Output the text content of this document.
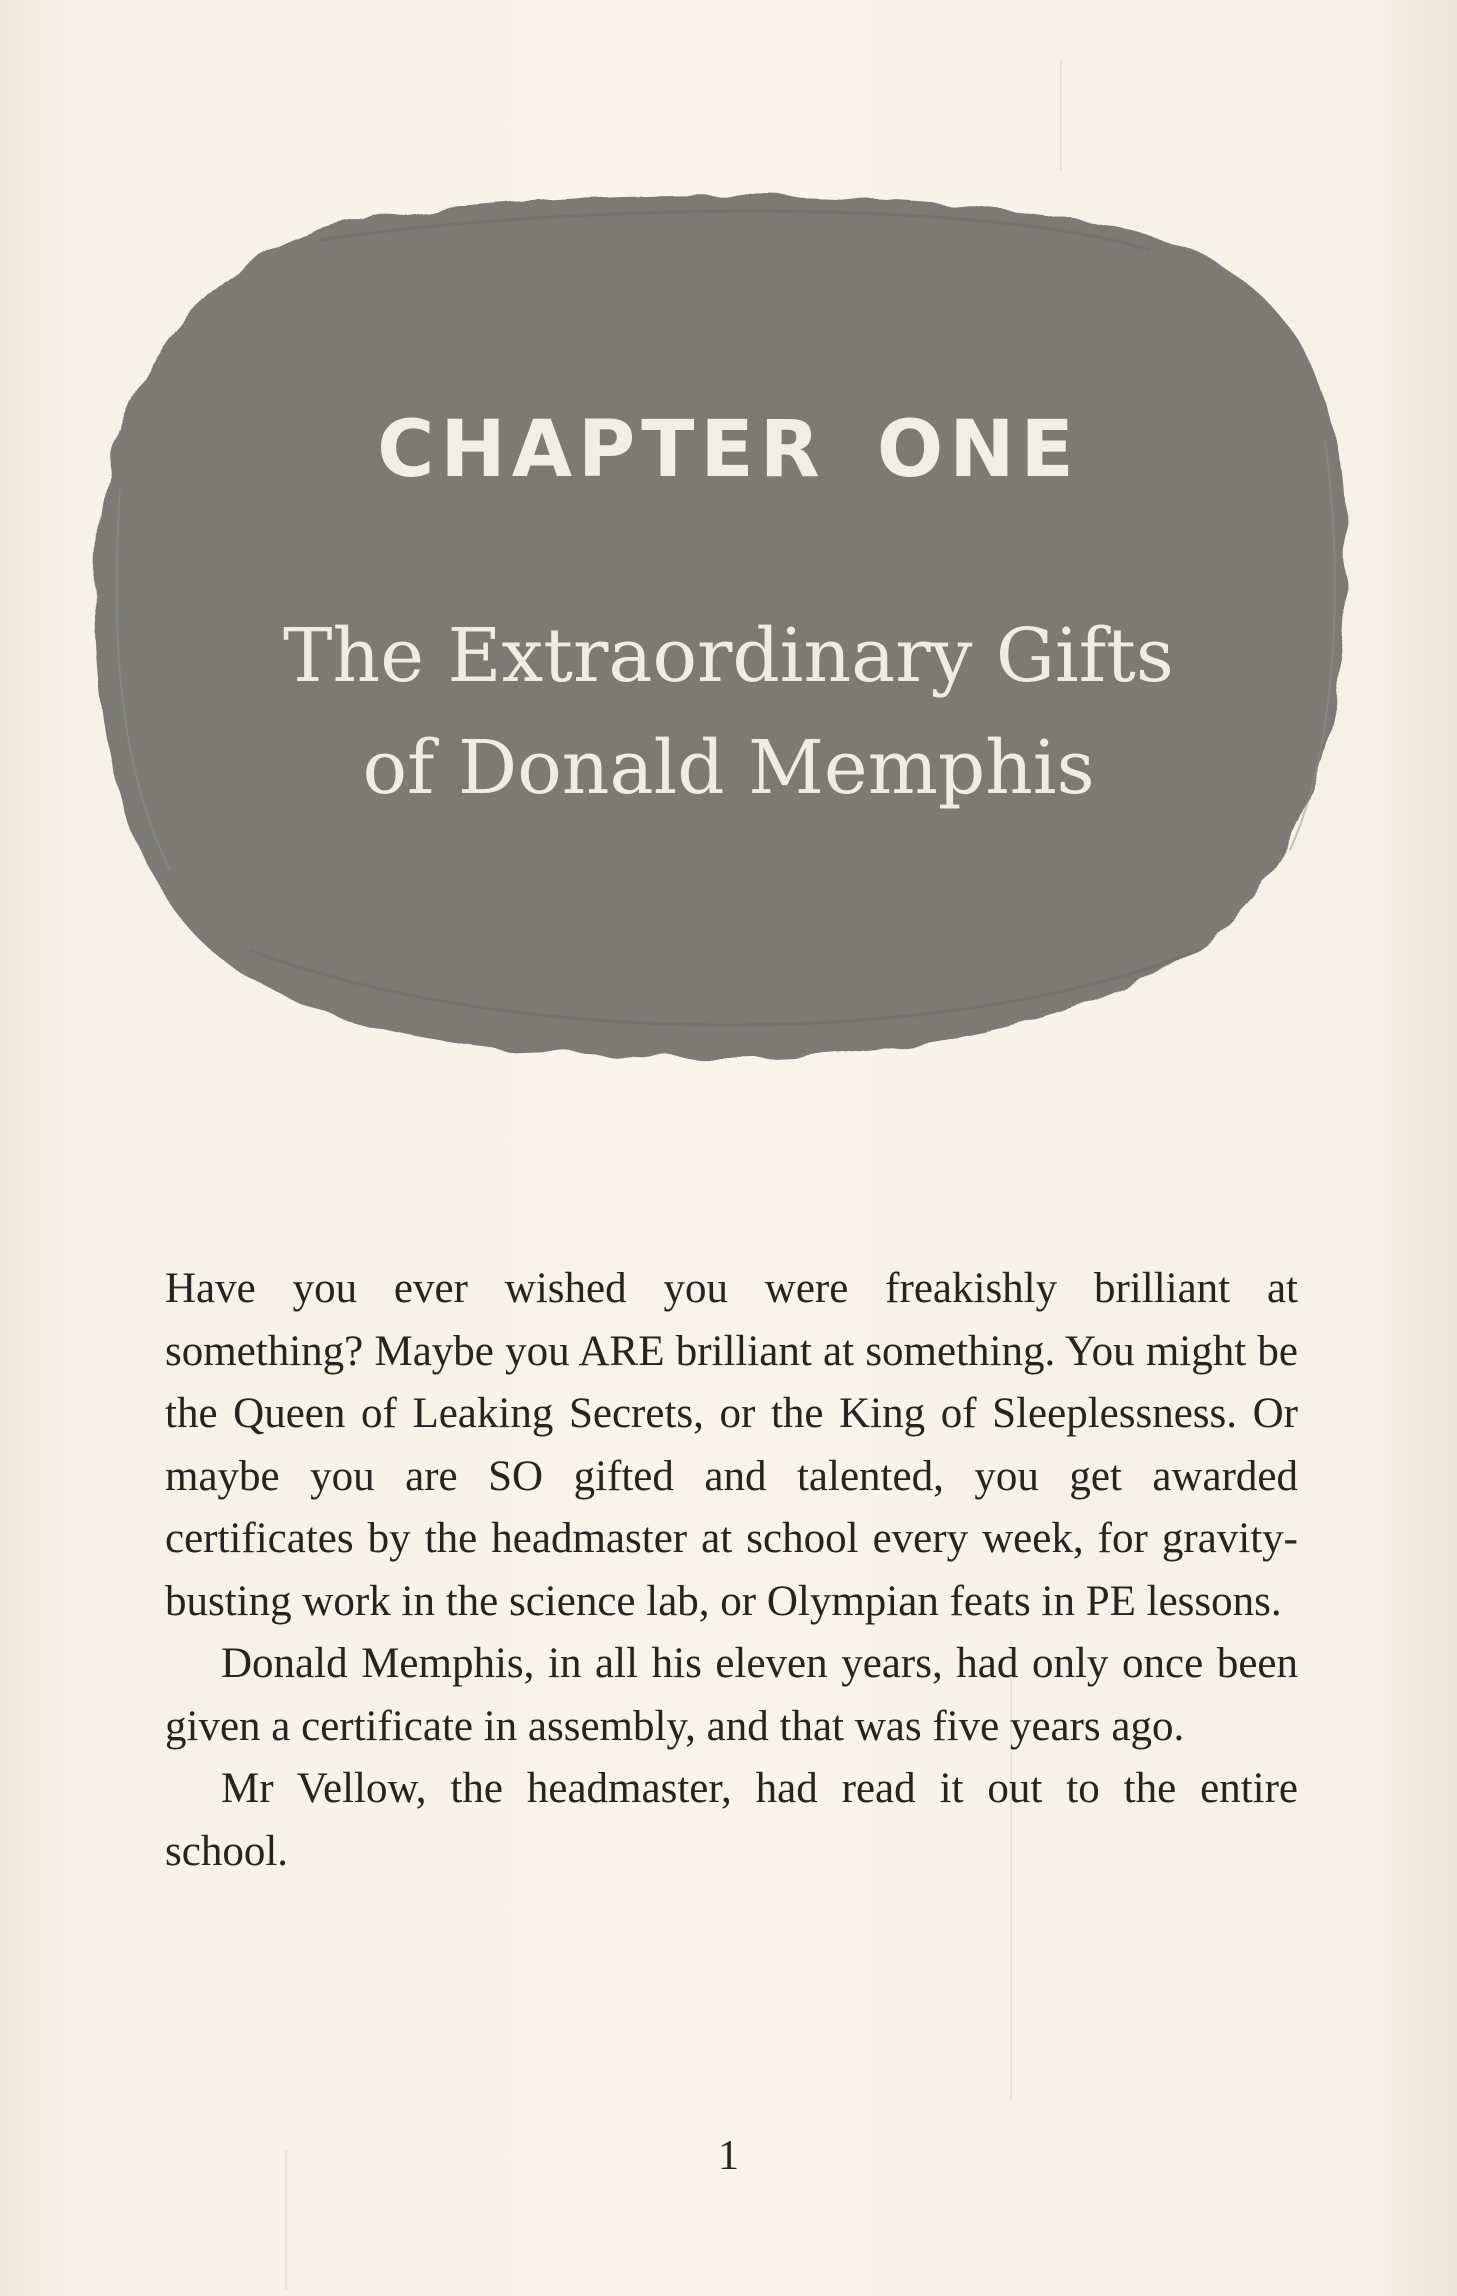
CHAPTER ONE
The Extraordinary Gifts
of Donald Memphis

Have you ever wished you were freakishly brilliant at something? Maybe you ARE brilliant at something. You might be the Queen of Leaking Secrets, or the King of Sleeplessness. Or maybe you are SO gifted and talented, you get awarded certificates by the headmaster at school every week, for gravity-busting work in the science lab, or Olympian feats in PE lessons.

Donald Memphis, in all his eleven years, had only once been given a certificate in assembly, and that was five years ago.

Mr Vellow, the headmaster, had read it out to the entire school.

1
